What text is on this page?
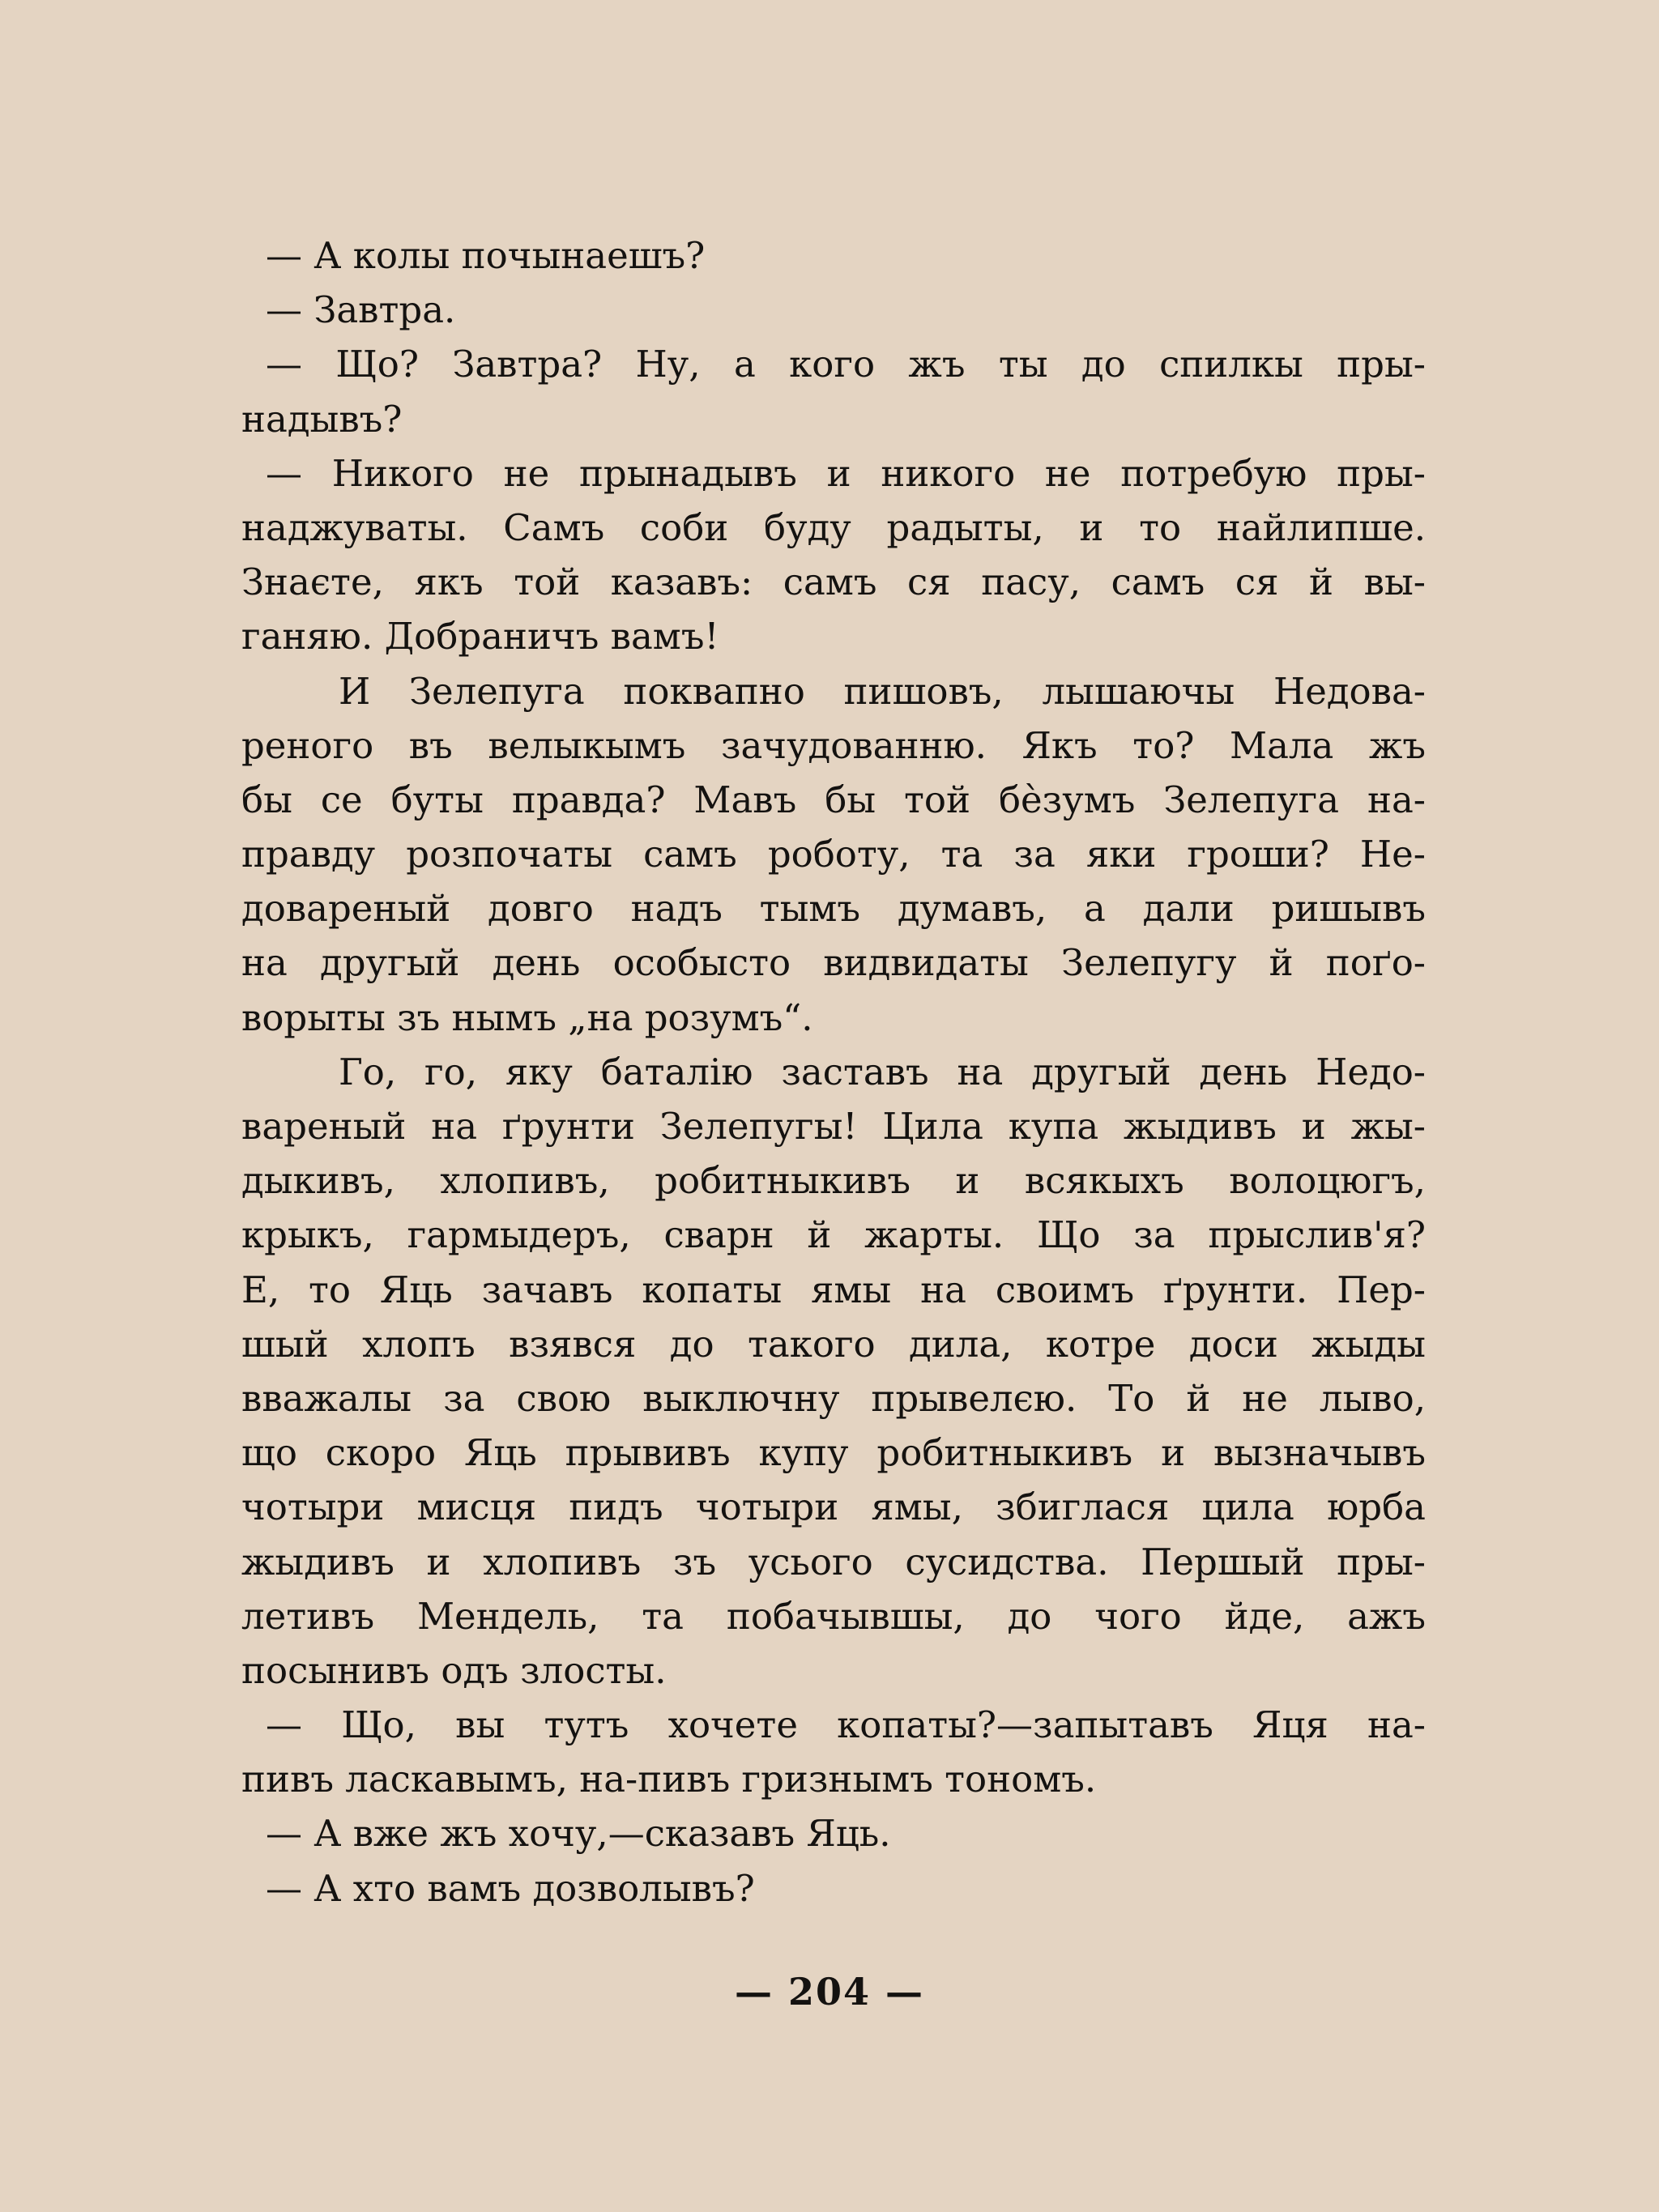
— А колы почынаешъ?
— Завтра.
— Що? Завтра? Ну, а кого жъ ты до спилкы пры-
надывъ?
— Никого не прынадывъ и никого не потребую пры-
наджуваты. Самъ соби буду радыты, и то найлипше.
Знаєте, якъ той казавъ: самъ ся пасу, самъ ся й вы-
ганяю. Добраничъ вамъ!
И Зелепуга поквапно пишовъ, лышаючы Недова-
реного въ велыкымъ зачудованню. Якъ то? Мала жъ
бы се буты правда? Мавъ бы той бѐзумъ Зелепуга на-
правду розпочаты самъ роботу, та за яки гроши? Не-
довареный довго надъ тымъ думавъ, а дали ришывъ
на другый день особысто видвидаты Зелепугу й поґо-
ворыты зъ нымъ „на розумъ“.
Го, го, яку баталію заставъ на другый день Недо-
вареный на ґрунти Зелепугы! Цила купа жыдивъ и жы-
дыкивъ, хлопивъ, робитныкивъ и всякыхъ волоцюгъ,
крыкъ, гармыдеръ, сварн й жарты. Що за прыслив'я?
Е, то Яць зачавъ копаты ямы на своимъ ґрунти. Пер-
шый хлопъ взявся до такого дила, котре доси жыды
вважалы за свою выключну прывелєю. То й не лыво,
що скоро Яць прывивъ купу робитныкивъ и вызначывъ
чотыри мисця пидъ чотыри ямы, збиглася цила юрба
жыдивъ и хлопивъ зъ усього сусидства. Першый пры-
летивъ Мендель, та побачывшы, до чого йде, ажъ
посынивъ одъ злосты.
— Що, вы тутъ хочете копаты?—запытавъ Яця на-
пивъ ласкавымъ, на-пивъ гризнымъ тономъ.
— А вже жъ хочу,—сказавъ Яць.
— А хто вамъ дозволывъ?
— 204 —
